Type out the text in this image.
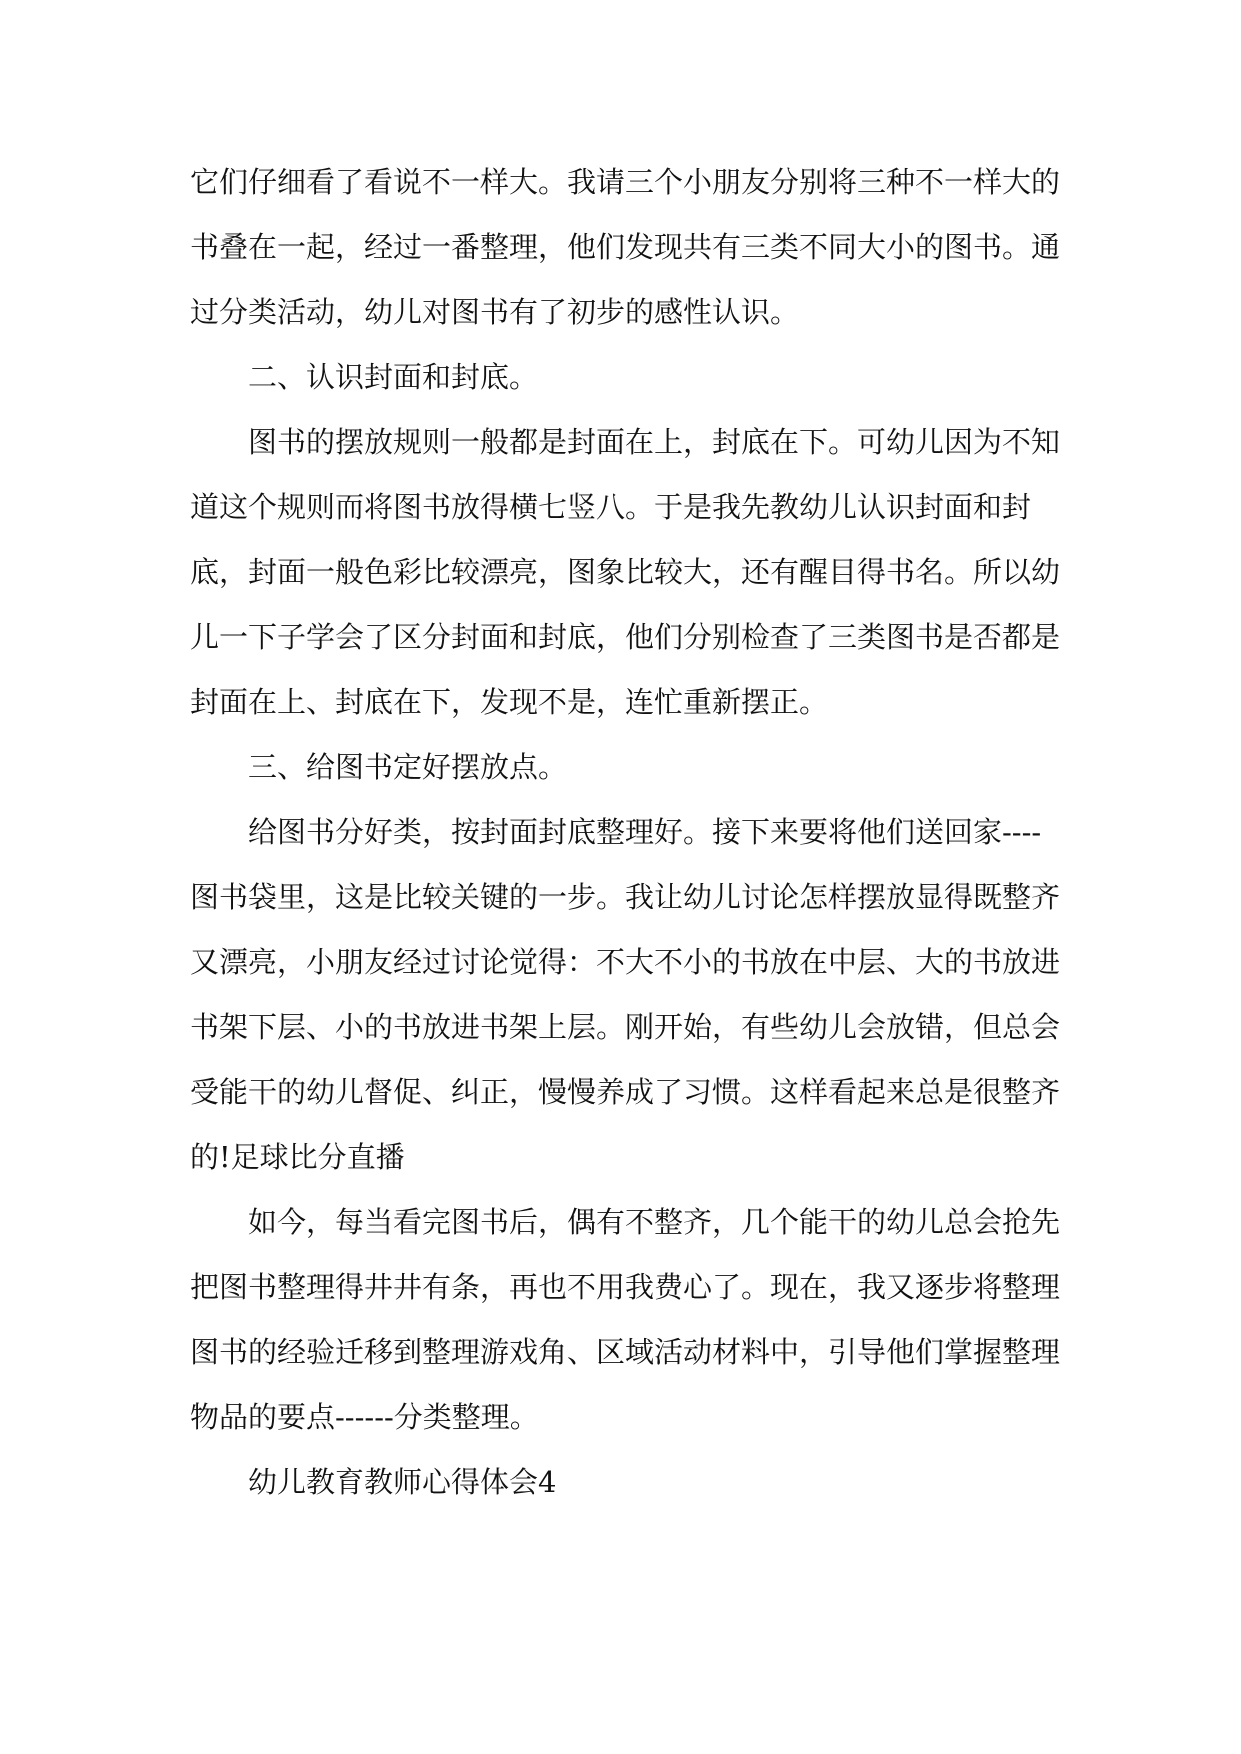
它们仔细看了看说不一样大。我请三个小朋友分别将三种不一样大的书叠在一起，经过一番整理，他们发现共有三类不同大小的图书。通过分类活动，幼儿对图书有了初步的感性认识。

二、认识封面和封底。

图书的摆放规则一般都是封面在上，封底在下。可幼儿因为不知道这个规则而将图书放得横七竖八。于是我先教幼儿认识封面和封底，封面一般色彩比较漂亮，图象比较大，还有醒目得书名。所以幼儿一下子学会了区分封面和封底，他们分别检查了三类图书是否都是封面在上、封底在下，发现不是，连忙重新摆正。

三、给图书定好摆放点。

给图书分好类，按封面封底整理好。接下来要将他们送回家----图书袋里，这是比较关键的一步。我让幼儿讨论怎样摆放显得既整齐又漂亮，小朋友经过讨论觉得：不大不小的书放在中层、大的书放进书架下层、小的书放进书架上层。刚开始，有些幼儿会放错，但总会受能干的幼儿督促、纠正，慢慢养成了习惯。这样看起来总是很整齐的!足球比分直播

如今，每当看完图书后，偶有不整齐，几个能干的幼儿总会抢先把图书整理得井井有条，再也不用我费心了。现在，我又逐步将整理图书的经验迁移到整理游戏角、区域活动材料中，引导他们掌握整理物品的要点------分类整理。

幼儿教育教师心得体会4
